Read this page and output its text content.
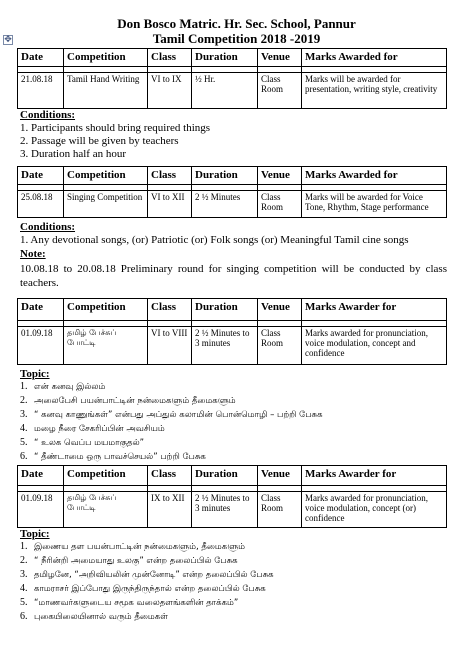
Don Bosco Matric. Hr. Sec. School, Pannur
Tamil Competition 2018 -2019
✥
Date	Competition	Class	Duration	Venue	Marks Awarded for

21.08.18	Tamil Hand Writing	VI to IX	½ Hr.	Class Room	Marks will be awarded for presentation, writing style, creativity
Conditions:
1. Participants should bring required things
2. Passage will be given by teachers
3. Duration half an hour
Date	Competition	Class	Duration	Venue	Marks Awarded for

25.08.18	Singing Competition	VI to XII	2 ½ Minutes	Class Room	Marks will be awarded for Voice Tone, Rhythm, Stage performance
Conditions:
1. Any devotional songs, (or) Patriotic (or) Folk songs (or) Meaningful Tamil cine songs
Note:
10.08.18 to 20.08.18 Preliminary round for singing competition will be conducted by class teachers.
Date	Competition	Class	Duration	Venue	Marks Awarder for

01.09.18	தமிழ் பேச்சுப் போட்டி	VI to VIII	2 ½ Minutes to 3 minutes	Class Room	Marks awarded for pronunciation, voice modulation, concept and confidence
Topic:
1. என் கனவு இல்லம்
2. அலைபேசி பயன்பாட்டின் நன்மைகளும் தீமைகளும்
3. “ கனவு காணுங்கள்” என்பது அப்துல் கலாமின் பொன்மொழி – பற்றி பேசுக
4. மழை நீரை சேகரிப்பின் அவசியம்
5. “ உலக வெப்ப மயமாகுதல்”
6. “ தீண்டாமை ஒரு பாவச்செயல்” பற்றி பேசுக
Date	Competition	Class	Duration	Venue	Marks Awarder for

01.09.18	தமிழ் பேச்சுப் போட்டி	IX to XII	2 ½ Minutes to 3 minutes	Class Room	Marks awarded for pronunciation, voice modulation, concept (or) confidence
Topic:
1. இணைய தள பயன்பாட்டின் நன்மைகளும், தீமைகளும்
2. “ நீரின்றி அமையாது உலகு” என்ற தலைப்பில் பேசுக
3. தமிழனே, “அறிவியலின் முன்னோடி” என்ற தலைப்பில் பேசுக
4. காமராசர் இப்போது இருந்திருந்தால் என்ற தலைப்பில் பேசுக
5. “மாணவர்களுடைய சமூக வலைதளங்களின் தாக்கம்”
6. புகையிலையினால் வரும் தீமைகள்
